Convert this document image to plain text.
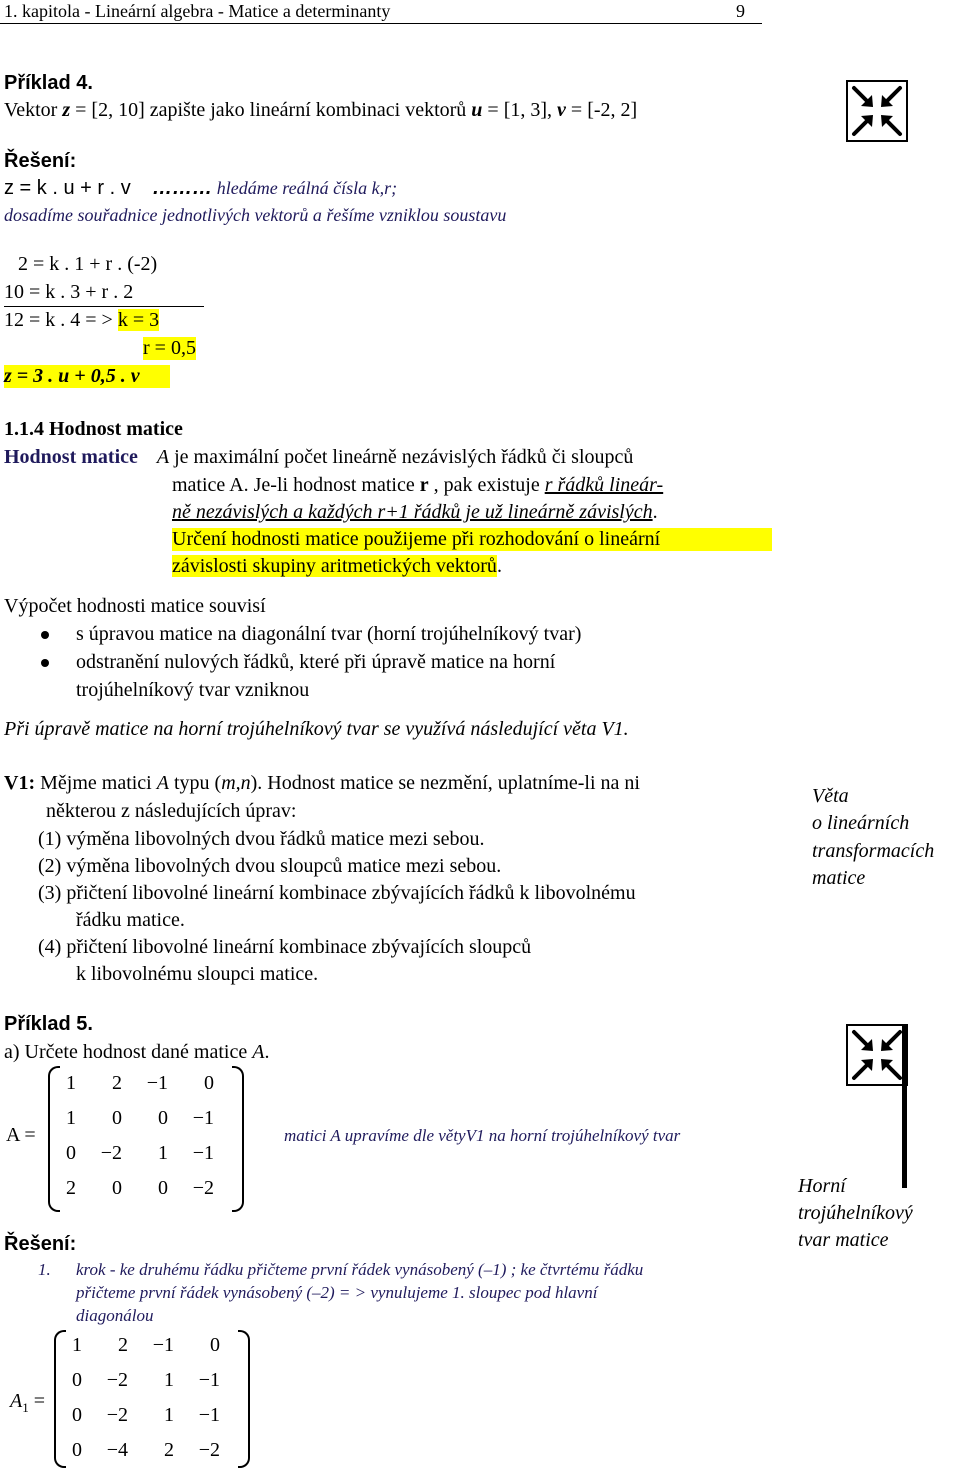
1. kapitola - Lineární algebra - Matice a determinanty	9
Příklad 4.
Vektor z = [2, 10] zapište jako lineární kombinaci vektorů u = [1, 3], v = [-2, 2]
Řešení:
z = k . u + r . v ……… hledáme reálná čísla k,r;
dosadíme souřadnice jednotlivých vektorů a řešíme vzniklou soustavu
2 = k . 1 + r . (-2)
10 = k . 3 + r . 2
12 = k . 4 = > k = 3
r = 0,5
z = 3 . u + 0,5 . v
1.1.4 Hodnost matice
Hodnost matice A je maximální počet lineárně nezávislých řádků či sloupců
matice A. Je-li hodnost matice r , pak existuje r řádků lineár-
ně nezávislých a každých r+1 řádků je už lineárně závislých.
Určení hodnosti matice použijeme při rozhodování o lineární
závislosti skupiny aritmetických vektorů.
Výpočet hodnosti matice souvisí
s úpravou matice na diagonální tvar (horní trojúhelníkový tvar)
odstranění nulových řádků, které při úpravě matice na horní
trojúhelníkový tvar vzniknou
Při úpravě matice na horní trojúhelníkový tvar se využívá následující věta V1.
V1: Mějme matici A typu (m,n). Hodnost matice se nezmění, uplatníme-li na ni
některou z následujících úprav:
(1) výměna libovolných dvou řádků matice mezi sebou.
(2) výměna libovolných dvou sloupců matice mezi sebou.
(3) přičtení libovolné lineární kombinace zbývajících řádků k libovolnému
řádku matice.
(4) přičtení libovolné lineární kombinace zbývajících sloupců
k libovolnému sloupci matice.
Věta
o lineárních
transformacích
matice
Příklad 5.
a) Určete hodnost dané matice A.
A =
1	2	−1	0
1	0	0	−1
0	−2	1	−1
2	0	0	−2
matici A upravíme dle větyV1 na horní trojúhelníkový tvar
Horní
trojúhelníkový
tvar matice
Řešení:
1. krok - ke druhému řádku přičteme první řádek vynásobený (–1) ; ke čtvrtému řádku
přičteme první řádek vynásobený (–2) = > vynulujeme 1. sloupec pod hlavní
diagonálou
$A_1$ =
1	2	−1	0
0	−2	1	−1
0	−2	1	−1
0	−4	2	−2
